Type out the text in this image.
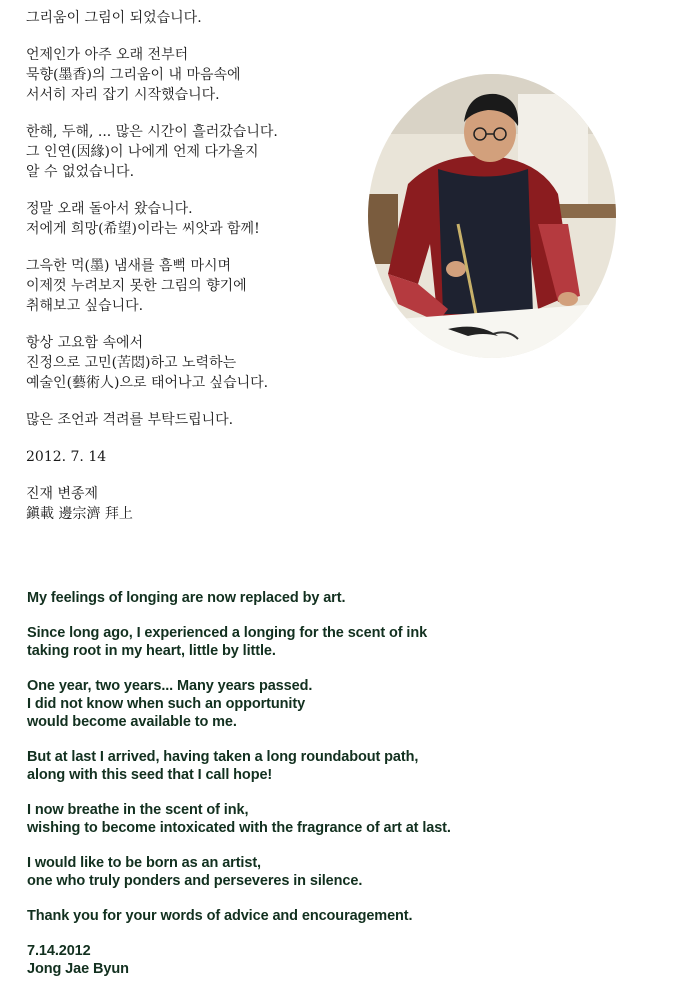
그리움이 그림이 되었습니다.
언제인가 아주 오래 전부터
묵향(墨香)의 그리움이 내 마음속에
서서히 자리 잡기 시작했습니다.
한해, 두해, ... 많은 시간이 흘러갔습니다.
그 인연(因緣)이 나에게 언제 다가올지
알 수 없었습니다.
정말 오래 돌아서 왔습니다.
저에게 희망(希望)이라는 씨앗과 함께!
그윽한 먹(墨) 냄새를 흠뻑 마시며
이제껏 누려보지 못한 그림의 향기에
취해보고 싶습니다.
항상 고요함 속에서
진정으로 고민(苦悶)하고 노력하는
예술인(藝術人)으로 태어나고 싶습니다.
많은 조언과 격려를 부탁드립니다.
2012. 7. 14
진재 변종제
鎭載 邊宗濟 拜上
My feelings of longing are now replaced by art.
Since long ago, I experienced a longing for the scent of ink
taking root in my heart, little by little.
One year, two years... Many years passed.
I did not know when such an opportunity
would become available to me.
But at last I arrived, having taken a long roundabout path,
along with this seed that I call hope!
I now breathe in the scent of ink,
wishing to become intoxicated with the fragrance of art at last.
I would like to be born as an artist,
one who truly ponders and perseveres in silence.
Thank you for your words of advice and encouragement.
7.14.2012
Jong Jae Byun
